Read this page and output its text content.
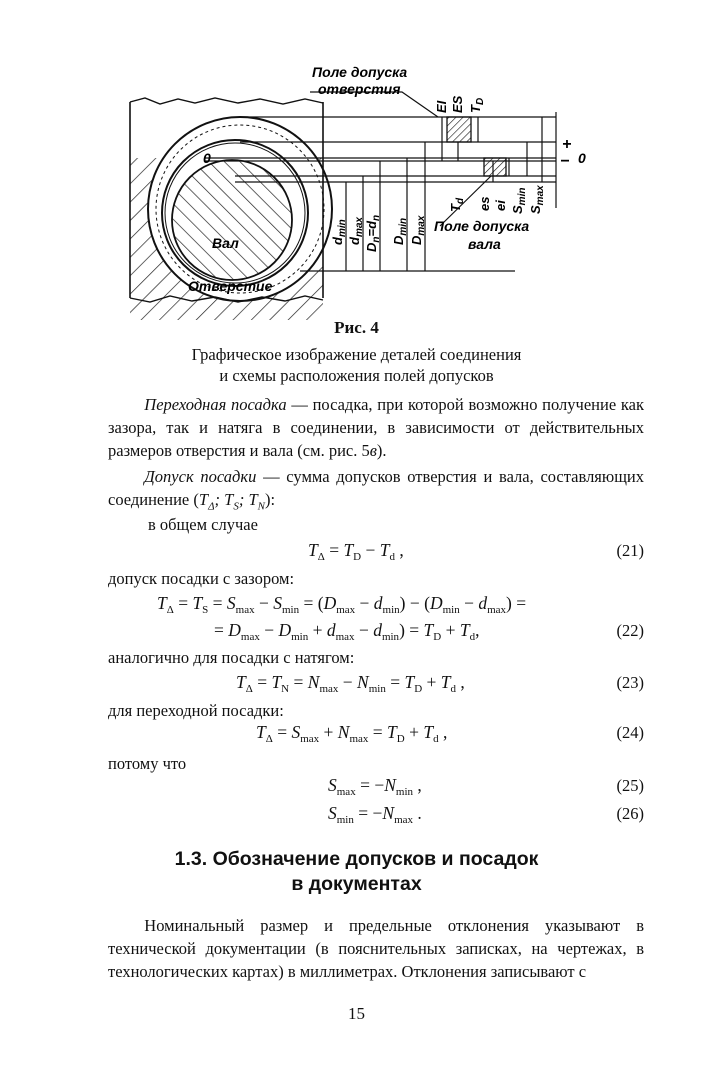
Поле допуска
отверстия
Поле допуска
вала
Вал
Отверстие
0
+
− 0
EI ES $T_D$
$T_d$ es ei $S_{min}$
$S_{max}$
$d_{min}$
$d_{max}$
$D_n=d_n$
$D_{min}$
$D_{max}$
Рис. 4
Графическое изображение деталей соединения
и схемы расположения полей допусков
Переходная посадка — посадка, при которой возможно получение как зазора, так и натяга в соединении, в зависимости от действительных размеров отверстия и вала (см. рис. 5в).
Допуск посадки — сумма допусков отверстия и вала, составляющих соединение ($T_\Delta$; $T_S$; $T_N$):
в общем случае
$T_\Delta = T_D - T_d$ ,	(21)
допуск посадки с зазором:
$T_\Delta = T_S = S_{max} - S_{min} = (D_{max} - d_{min}) - (D_{min} - d_{max})$ =
= $D_{max} - D_{min} + d_{max} - d_{min}) = T_D + T_d$,	(22)
аналогично для посадки с натягом:
$T_\Delta = T_N = N_{max} - N_{min} = T_D + T_d$ ,	(23)
для переходной посадки:
$T_\Delta = S_{max} + N_{max} = T_D + T_d$ ,	(24)
потому что
$S_{max} = -N_{min}$ ,	(25)
$S_{min} = -N_{max}$ .	(26)
1.3. Обозначение допусков и посадок
в документах
Номинальный размер и предельные отклонения указывают в технической документации (в пояснительных записках, на чертежах, в технологических картах) в миллиметрах. Отклонения записывают с
15
